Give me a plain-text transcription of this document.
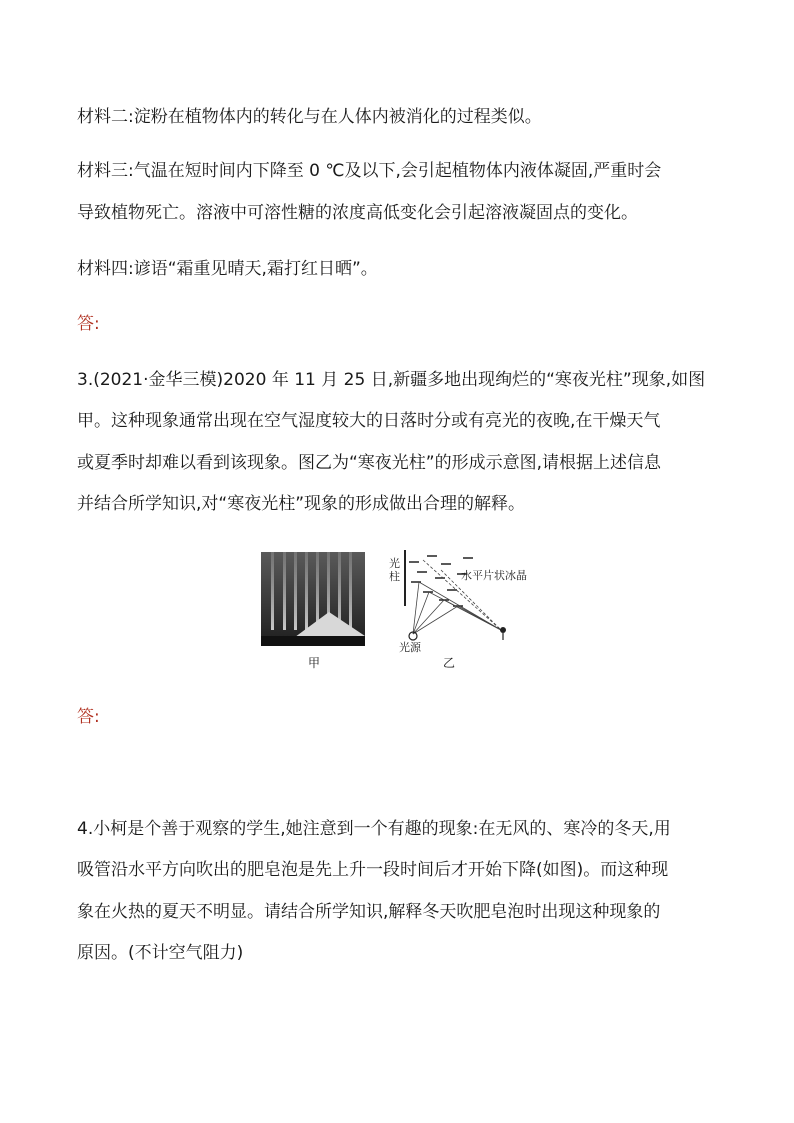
材料二:淀粉在植物体内的转化与在人体内被消化的过程类似。
材料三:气温在短时间内下降至 0 ℃及以下,会引起植物体内液体凝固,严重时会
导致植物死亡。溶液中可溶性糖的浓度高低变化会引起溶液凝固点的变化。
材料四:谚语“霜重见晴天,霜打红日晒”。
答:
3.(2021·金华三模)2020 年 11 月 25 日,新疆多地出现绚烂的“寒夜光柱”现象,如图
甲。这种现象通常出现在空气湿度较大的日落时分或有亮光的夜晚,在干燥天气
或夏季时却难以看到该现象。图乙为“寒夜光柱”的形成示意图,请根据上述信息
并结合所学知识,对“寒夜光柱”现象的形成做出合理的解释。
甲
光
柱	水平片状冰晶
光源
乙
答:
4.小柯是个善于观察的学生,她注意到一个有趣的现象:在无风的、寒冷的冬天,用
吸管沿水平方向吹出的肥皂泡是先上升一段时间后才开始下降(如图)。而这种现
象在火热的夏天不明显。请结合所学知识,解释冬天吹肥皂泡时出现这种现象的
原因。(不计空气阻力)
